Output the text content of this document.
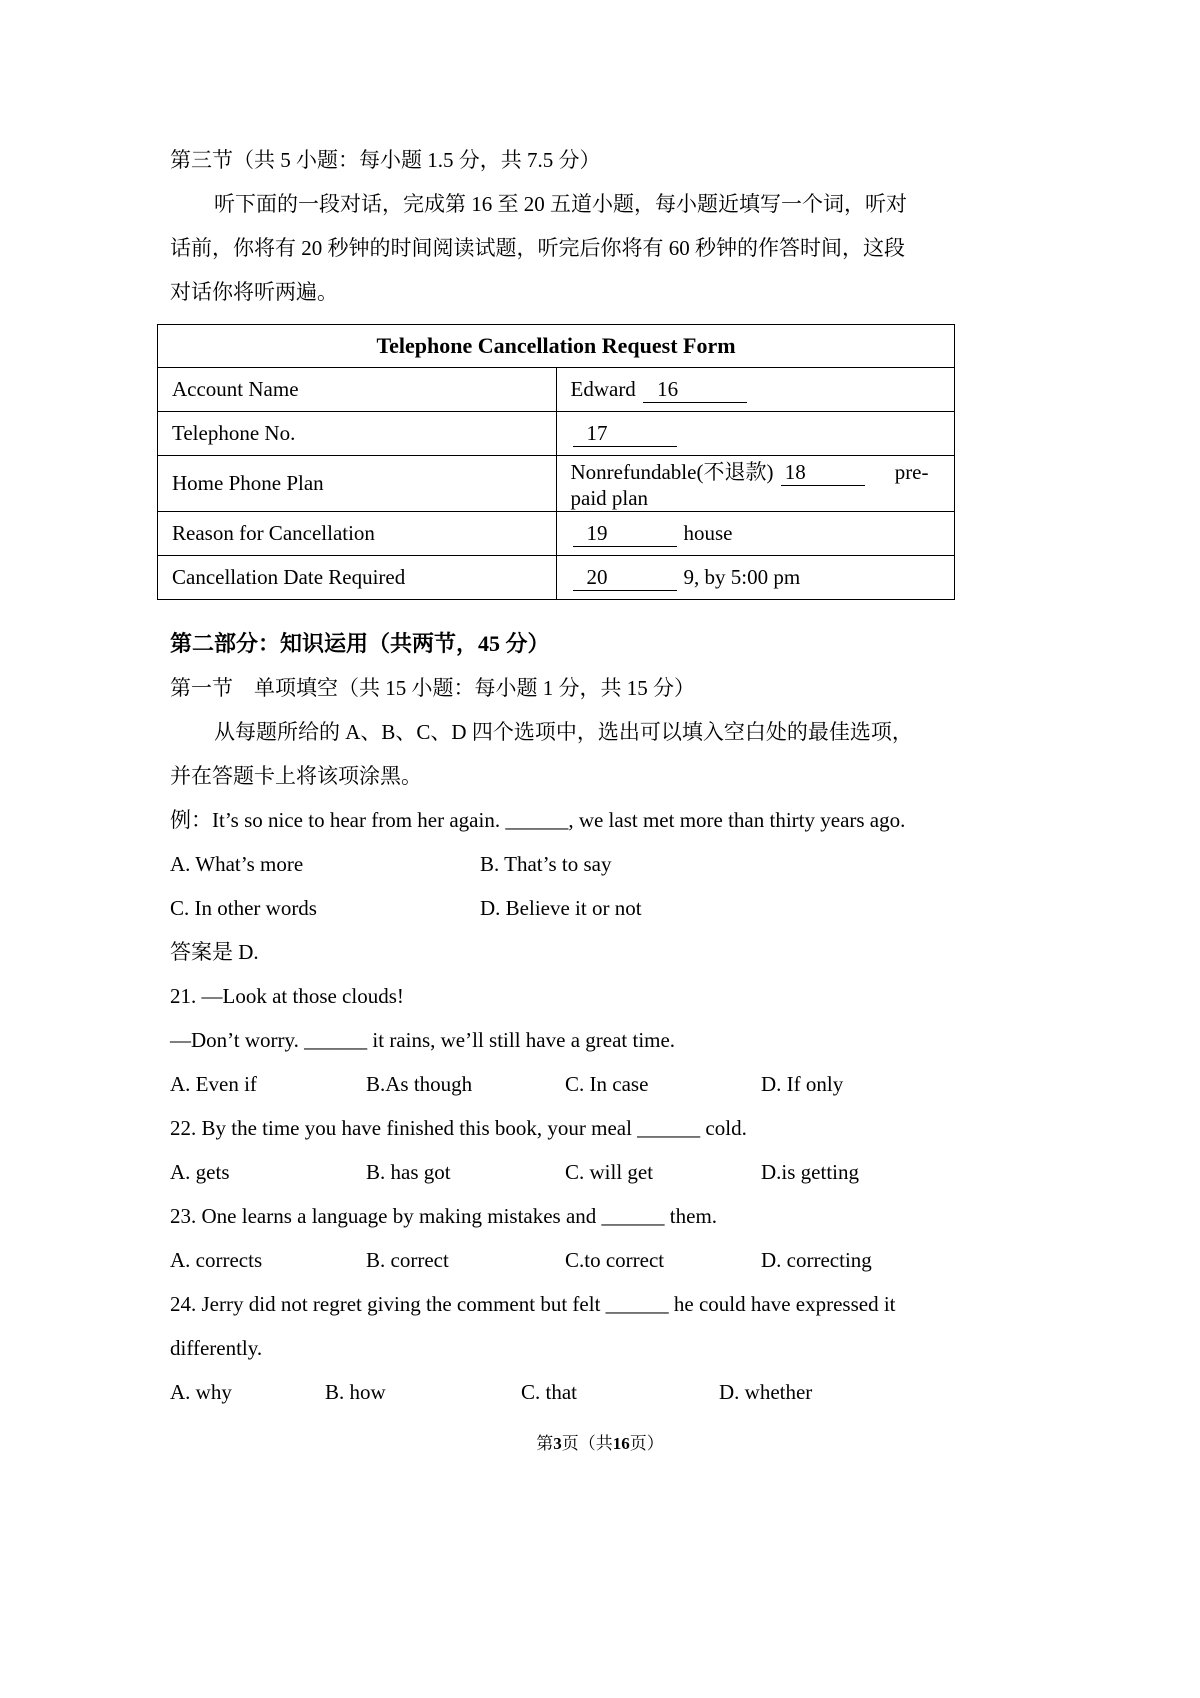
第三节（共 5 小题：每小题 1.5 分，共 7.5 分）
听下面的一段对话，完成第 16 至 20 五道小题，每小题近填写一个词，听对
话前，你将有 20 秒钟的时间阅读试题，听完后你将有 60 秒钟的作答时间，这段
对话你将听两遍。
Telephone Cancellation Request Form	
Account Name	Edward 16
Telephone No.	17
Home Phone Plan	Nonrefundable(不退款) 18 pre-paid plan
Reason for Cancellation	19 house
Cancellation Date Required	20 9, by 5:00 pm
第二部分：知识运用（共两节，45 分）
第一节　单项填空（共 15 小题：每小题 1 分，共 15 分）
从每题所给的 A、B、C、D 四个选项中，选出可以填入空白处的最佳选项，
并在答题卡上将该项涂黑。
例：It’s so nice to hear from her again. ______, we last met more than thirty years ago.
A. What’s more	B. That’s to say
C. In other words	D. Believe it or not
答案是 D.
21. —Look at those clouds!
—Don’t worry. ______ it rains, we’ll still have a great time.
A. Even if	B.As though	C. In case	D. If only
22. By the time you have finished this book, your meal ______ cold.
A. gets	B. has got	C. will get	D.is getting
23. One learns a language by making mistakes and ______ them.
A. corrects	B. correct	C.to correct	D. correcting
24. Jerry did not regret giving the comment but felt ______ he could have expressed it
differently.
A. why	B. how	C. that	D. whether
第3页（共16页）
